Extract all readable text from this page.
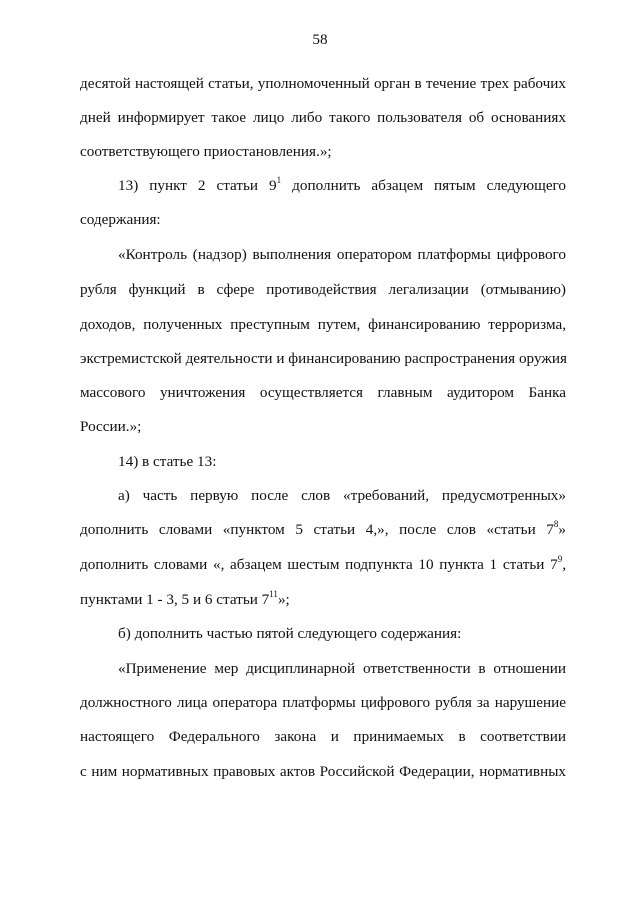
58
десятой настоящей статьи, уполномоченный орган в течение трех рабочих
дней информирует такое лицо либо такого пользователя об основаниях
соответствующего приостановления.»;
13) пункт 2 статьи $9^1$ дополнить абзацем пятым следующего
содержания:
«Контроль (надзор) выполнения оператором платформы цифрового
рубля функций в сфере противодействия легализации (отмыванию)
доходов, полученных преступным путем, финансированию терроризма,
экстремистской деятельности и финансированию распространения оружия
массового уничтожения осуществляется главным аудитором Банка
России.»;
14) в статье 13:
а) часть первую после слов «требований, предусмотренных»
дополнить словами «пунктом 5 статьи 4,», после слов «статьи $7^8$»
дополнить словами «, абзацем шестым подпункта 10 пункта 1 статьи $7^9$,
пунктами 1 - 3, 5 и 6 статьи $7^{11}$»;
б) дополнить частью пятой следующего содержания:
«Применение мер дисциплинарной ответственности в отношении
должностного лица оператора платформы цифрового рубля за нарушение
настоящего Федерального закона и принимаемых в соответствии
с ним нормативных правовых актов Российской Федерации, нормативных
